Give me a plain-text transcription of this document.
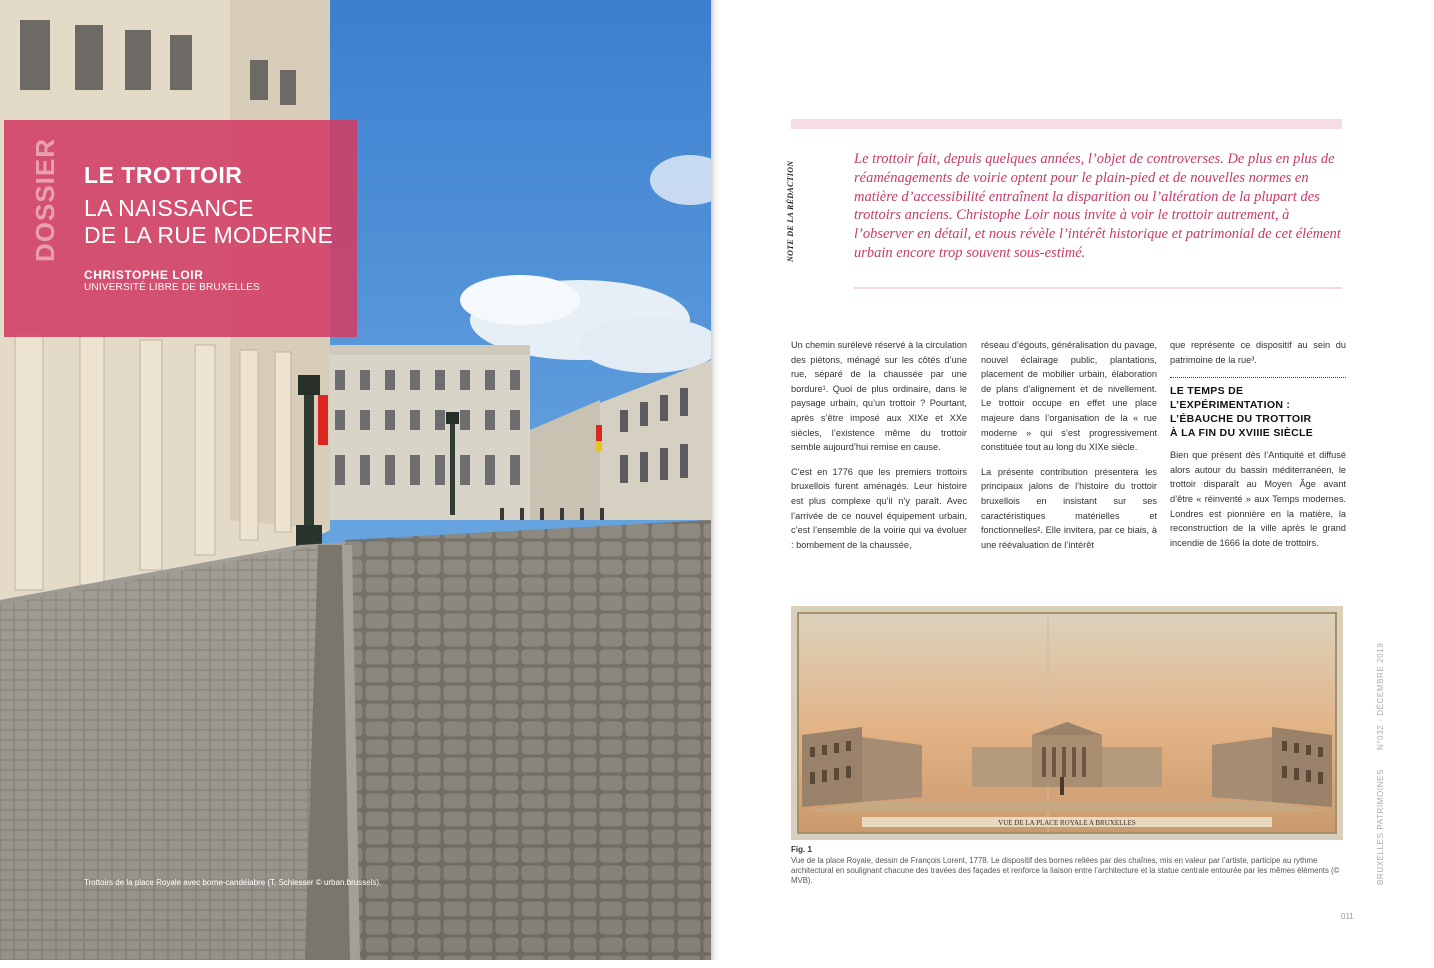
LE TROTTOIR
LA NAISSANCE
DE LA RUE MODERNE
CHRISTOPHE LOIR
UNIVERSITÉ LIBRE DE BRUXELLES
DOSSIER
Trottoirs de la place Royale avec borne-candélabre (T. Schlesser © urban.brussels).
NOTE DE LA RÉDACTION
Le trottoir fait, depuis quelques années, l’objet de controverses. De plus en plus de réaménagements de voirie optent pour le plain-pied et de nouvelles normes en matière d’accessibilité entraînent la disparition ou l’altération de la plupart des trottoirs anciens. Christophe Loir nous invite à voir le trottoir autrement, à l’observer en détail, et nous révèle l’intérêt historique et patrimonial de cet élément urbain encore trop souvent sous-estimé.

Un chemin surélevé réservé à la circulation des piétons, ménagé sur les côtés d’une rue, séparé de la chaussée par une bordure¹. Quoi de plus ordinaire, dans le paysage urbain, qu’un trottoir ? Pourtant, après s’être imposé aux XIXe et XXe siècles, l’existence même du trottoir semble aujourd’hui remise en cause.

C’est en 1776 que les premiers trottoirs bruxellois furent aménagés. Leur histoire est plus complexe qu’il n’y paraît. Avec l’arrivée de ce nouvel équipement urbain, c’est l’ensemble de la voirie qui va évoluer : bombement de la chaussée,

réseau d’égouts, généralisation du pavage, nouvel éclairage public, plantations, placement de mobilier urbain, élaboration de plans d’alignement et de nivellement. Le trottoir occupe en effet une place majeure dans l’organisation de la « rue moderne » qui s’est progressivement constituée tout au long du XIXe siècle.

La présente contribution présentera les principaux jalons de l’histoire du trottoir bruxellois en insistant sur ses caractéristiques matérielles et fonctionnelles². Elle invitera, par ce biais, à une réévaluation de l’intérêt

que représente ce dispositif au sein du patrimoine de la rue³.

LE TEMPS DE
L’EXPÉRIMENTATION :
L’ÉBAUCHE DU TROTTOIR
À LA FIN DU XVIIIE SIÈCLE

Bien que présent dès l’Antiquité et diffusé alors autour du bassin méditerranéen, le trottoir disparaît au Moyen Âge avant d’être « réinventé » aux Temps modernes. Londres est pionnière en la matière, la reconstruction de la ville après le grand incendie de 1666 la dote de trottoirs.

VUE DE LA PLACE ROYALE A BRUXELLES
Fig. 1
Vue de la place Royale, dessin de François Lorent, 1778. Le dispositif des bornes reliées par des chaînes, mis en valeur par l’artiste, participe au rythme architectural en soulignant chacune des travées des façades et renforce la liaison entre l’architecture et la statue centrale entourée par les mêmes éléments (© MVB).
N°032 - DÉCEMBRE 2019
BRUXELLES PATRIMOINES
011
